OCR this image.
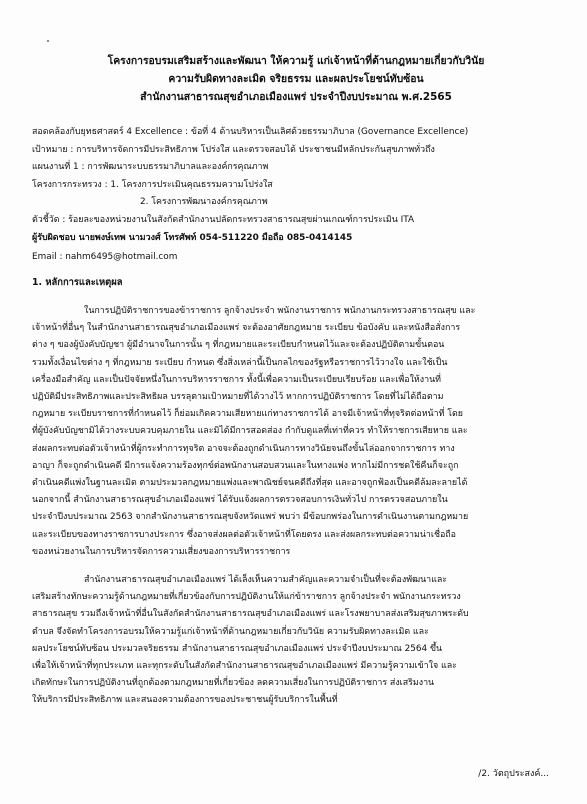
โครงการอบรมเสริมสร้างและพัฒนา ให้ความรู้ แก่เจ้าหน้าที่ด้านกฎหมายเกี่ยวกับวินัย
ความรับผิดทางละเมิด จริยธรรม และผลประโยชน์ทับซ้อน
สำนักงานสาธารณสุขอำเภอเมืองแพร่ ประจำปีงบประมาณ พ.ศ.2565
สอดคล้องกับยุทธศาสตร์ 4 Excellence : ข้อที่ 4 ด้านบริหารเป็นเลิศด้วยธรรมาภิบาล (Governance Excellence)
เป้าหมาย : การบริหารจัดการมีประสิทธิภาพ โปร่งใส และตรวจสอบได้ ประชาชนมีหลักประกันสุขภาพทั่วถึง
แผนงานที่ 1 : การพัฒนาระบบธรรมาภิบาลและองค์กรคุณภาพ
โครงการกระทรวง : 1. โครงการประเมินคุณธรรมความโปร่งใส
2. โครงการพัฒนาองค์กรคุณภาพ
ตัวชี้วัด : ร้อยละของหน่วยงานในสังกัดสำนักงานปลัดกระทรวงสาธารณสุขผ่านเกณฑ์การประเมิน ITA
ผู้รับผิดชอบ นายพงษ์เทพ นามวงศ์ โทรศัพท์ 054-511220 มือถือ 085-0414145
Email : nahm6495@hotmail.com
1. หลักการและเหตุผล
ในการปฏิบัติราชการของข้าราชการ ลูกจ้างประจำ พนักงานราชการ พนักงานกระทรวงสาธารณสุข และ
เจ้าหน้าที่อื่นๆ ในสำนักงานสาธารณสุขอำเภอเมืองแพร่ จะต้องอาศัยกฎหมาย ระเบียบ ข้อบังคับ และหนังสือสั่งการ
ต่าง ๆ ของผู้บังคับบัญชา ผู้มีอำนาจในการนั้น ๆ ที่กฎหมายและระเบียบกำหนดไว้และจะต้องปฏิบัติตามขั้นตอน
รวมทั้งเงื่อนไขต่าง ๆ ที่กฎหมาย ระเบียบ กำหนด ซึ่งสิ่งเหล่านี้เป็นกลไกของรัฐหรือราชการไว้วางใจ และใช้เป็น
เครื่องมือสำคัญ และเป็นปัจจัยหนึ่งในการบริหารราชการ ทั้งนี้เพื่อความเป็นระเบียบเรียบร้อย และเพื่อให้งานที่
ปฏิบัติมีประสิทธิภาพและประสิทธิผล บรรลุตามเป้าหมายที่ได้วางไว้ หากการปฏิบัติราชการ โดยที่ไม่ได้ถือตาม
กฎหมาย ระเบียบราชการที่กำหนดไว้ ก็ย่อมเกิดความเสียหายแก่ทางราชการได้ อาจมีเจ้าหน้าที่ทุจริตต่อหน้าที่ โดย
ที่ผู้บังคับบัญชามิได้วางระบบควบคุมภายใน และมิได้มีการสอดส่อง กำกับดูแลที่เท่าที่ควร ทำให้ราชการเสียหาย และ
ส่งผลกระทบต่อตัวเจ้าหน้าที่ผู้กระทำการทุจริต อาจจะต้องถูกดำเนินการทางวินัยจนถึงขั้นไล่ออกจากราชการ ทาง
อาญา ก็จะถูกดำเนินคดี มีการแจ้งความร้องทุกข์ต่อพนักงานสอบสวนและในทางแพ่ง หากไม่มีการชดใช้คืนก็จะถูก
ดำเนินคดีแพ่งในฐานละเมิด ตามประมวลกฎหมายแพ่งและพาณิชย์จนคดีถึงที่สุด และอาจถูกฟ้องเป็นคดีล้มละลายได้
นอกจากนี้ สำนักงานสาธารณสุขอำเภอเมืองแพร่ ได้รับแจ้งผลการตรวจสอบการเงินทั่วไป การตรวจสอบภายใน
ประจำปีงบประมาณ 2563 จากสำนักงานสาธารณสุขจังหวัดแพร่ พบว่า มีข้อบกพร่องในการดำเนินงานตามกฎหมาย
และระเบียบของทางราชการบางประการ ซึ่งอาจส่งผลต่อตัวเจ้าหน้าที่โดยตรง และส่งผลกระทบต่อความน่าเชื่อถือ
ของหน่วยงานในการบริหารจัดการความเสี่ยงของการบริหารราชการ
สำนักงานสาธารณสุขอำเภอเมืองแพร่ ได้เล็งเห็นความสำคัญและความจำเป็นที่จะต้องพัฒนาและ
เสริมสร้างทักษะความรู้ด้านกฎหมายที่เกี่ยวข้องกับการปฏิบัติงานให้แก่ข้าราชการ ลูกจ้างประจำ พนักงานกระทรวง
สาธารณสุข รวมถึงเจ้าหน้าที่อื่นในสังกัดสำนักงานสาธารณสุขอำเภอเมืองแพร่ และโรงพยาบาลส่งเสริมสุขภาพระดับ
ตำบล จึงจัดทำโครงการอบรมให้ความรู้แก่เจ้าหน้าที่ด้านกฎหมายเกี่ยวกับวินัย ความรับผิดทางละเมิด และ
ผลประโยชน์ทับซ้อน ประมวลจริยธรรม สำนักงานสาธารณสุขอำเภอเมืองแพร่ ประจำปีงบประมาณ 2564 ขึ้น
เพื่อให้เจ้าหน้าที่ทุกประเภท และทุกระดับในสังกัดสำนักงานสาธารณสุขอำเภอเมืองแพร่ มีความรู้ความเข้าใจ และ
เกิดทักษะในการปฏิบัติงานที่ถูกต้องตามกฎหมายที่เกี่ยวข้อง ลดความเสี่ยงในการปฏิบัติราชการ ส่งเสริมงาน
ให้บริการมีประสิทธิภาพ และสนองความต้องการของประชาชนผู้รับบริการในพื้นที่
/2. วัตถุประสงค์...
